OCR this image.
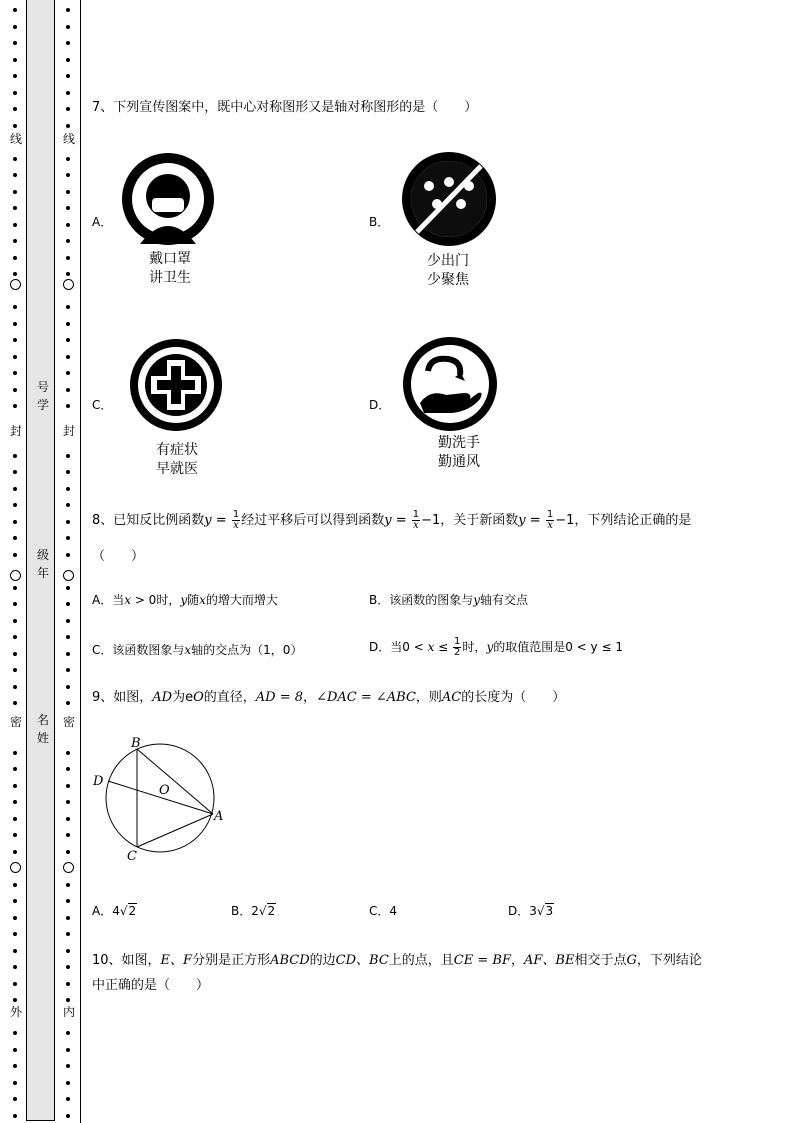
线
封
密
外
线
封
密
内
号学
级年
名姓
7、下列宣传图案中，既中心对称图形又是轴对称图形的是（　　）
A．
戴口罩
讲卫生
B．
少出门
少聚焦
C．
有症状
早就医
D．
勤洗手
勤通风
8、已知反比例函数$y = \frac{1}{x}$ 经过平移后可以得到函数$y = \frac{1}{x} -1$，关于新函数$y = \frac{1}{x} -1$，下列结论正确的是
（　　）
A．当x > 0时，y随x的增大而增大	B．该函数的图象与y轴有交点
C．该函数图象与x轴的交点为（1，0）	D．当$0 < x \le \frac{1}{2}$ 时，y的取值范围是0 < y ≤ 1
9、如图，AD为eO的直径，AD = 8，∠DAC = ∠ABC，则AC的长度为（　　）
B
D
O
A
C
A．4√2	B．2√2	C．4	D．3√3
10、如图，E、F分别是正方形ABCD的边CD、BC上的点，且CE = BF，AF、BE相交于点G，下列结论
中正确的是（　　）
